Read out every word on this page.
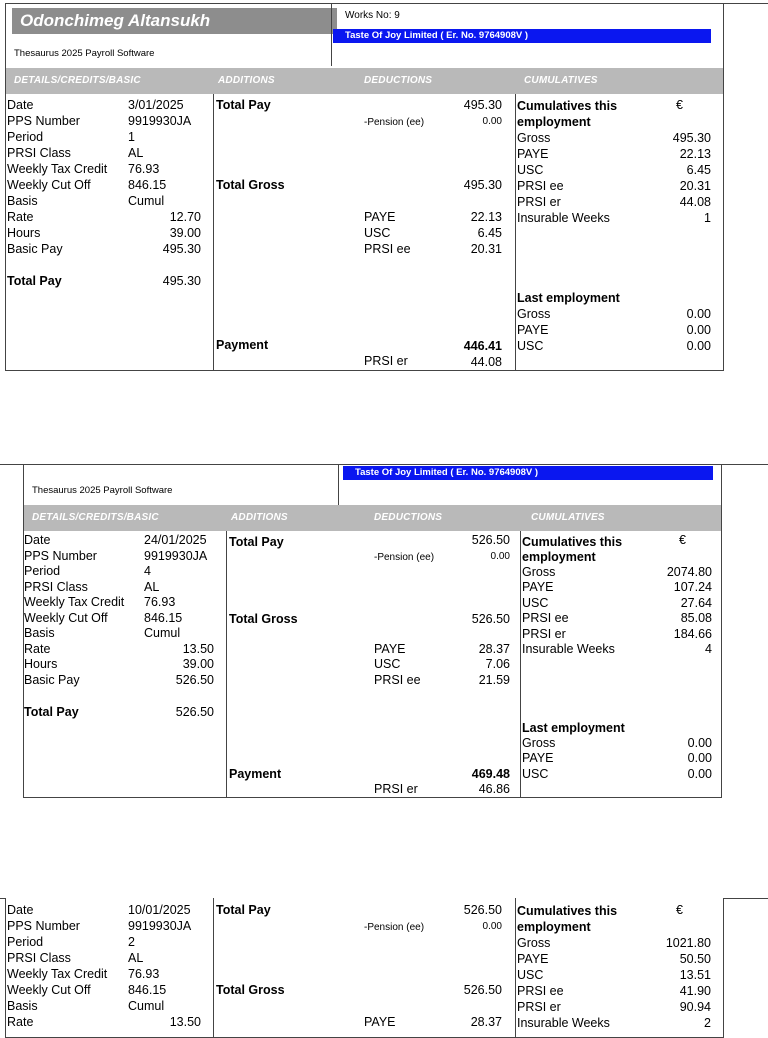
Odonchimeg Altansukh
Thesaurus 2025 Payroll Software
Works No: 9
Taste Of Joy Limited ( Er. No. 9764908V )
DETAILS/CREDITS/BASIC	ADDITIONS	DEDUCTIONS	CUMULATIVES
Date	3/01/2025
PPS Number	9919930JA
Period	1
PRSI Class	AL
Weekly Tax Credit 76.93
Weekly Cut Off	846.15
Basis	Cumul
Rate	12.70
Hours	39.00
Basic Pay	495.30
Total Pay	495.30
Total Pay	495.30
-Pension (ee)	0.00
Total Gross	495.30
PAYE	22.13
USC	6.45
PRSI ee	20.31
Payment	446.41
PRSI er	44.08
Cumulatives this	€
employment
Gross	495.30
PAYE	22.13
USC	6.45
PRSI ee	20.31
PRSI er	44.08
Insurable Weeks	1
Last employment
Gross	0.00
PAYE	0.00
USC	0.00
Taste Of Joy Limited ( Er. No. 9764908V )
Thesaurus 2025 Payroll Software
DETAILS/CREDITS/BASIC	ADDITIONS	DEDUCTIONS	CUMULATIVES
Date	24/01/2025
PPS Number	9919930JA
Period	4
PRSI Class	AL
Weekly Tax Credit 76.93
Weekly Cut Off	846.15
Basis	Cumul
Rate	13.50
Hours	39.00
Basic Pay	526.50
Total Pay	526.50
Total Pay	526.50
-Pension (ee)	0.00
Total Gross	526.50
PAYE	28.37
USC	7.06
PRSI ee	21.59
Payment	469.48
PRSI er	46.86
Cumulatives this	€
employment
Gross	2074.80
PAYE	107.24
USC	27.64
PRSI ee	85.08
PRSI er	184.66
Insurable Weeks	4
Last employment
Gross	0.00
PAYE	0.00
USC	0.00
Date	10/01/2025
PPS Number	9919930JA
Period	2
PRSI Class	AL
Weekly Tax Credit 76.93
Weekly Cut Off	846.15
Basis	Cumul
Rate	13.50
Total Pay	526.50
-Pension (ee)	0.00
Total Gross	526.50
PAYE	28.37
Cumulatives this	€
employment
Gross	1021.80
PAYE	50.50
USC	13.51
PRSI ee	41.90
PRSI er	90.94
Insurable Weeks	2
